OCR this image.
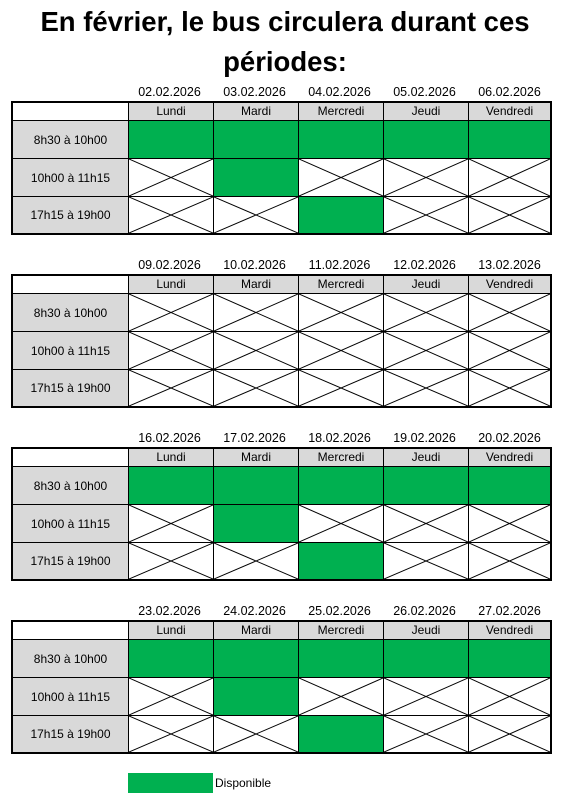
En février, le bus circulera durant ces périodes:
02.02.2026	03.02.2026	04.02.2026	05.02.2026	06.02.2026
Lundi	Mardi	Mercredi	Jeudi	Vendredi
8h30 à 10h00
10h00 à 11h15
17h15 à 19h00
09.02.2026	10.02.2026	11.02.2026	12.02.2026	13.02.2026
Lundi	Mardi	Mercredi	Jeudi	Vendredi
8h30 à 10h00
10h00 à 11h15
17h15 à 19h00
16.02.2026	17.02.2026	18.02.2026	19.02.2026	20.02.2026
Lundi	Mardi	Mercredi	Jeudi	Vendredi
8h30 à 10h00
10h00 à 11h15
17h15 à 19h00
23.02.2026	24.02.2026	25.02.2026	26.02.2026	27.02.2026
Lundi	Mardi	Mercredi	Jeudi	Vendredi
8h30 à 10h00
10h00 à 11h15
17h15 à 19h00
Disponible
